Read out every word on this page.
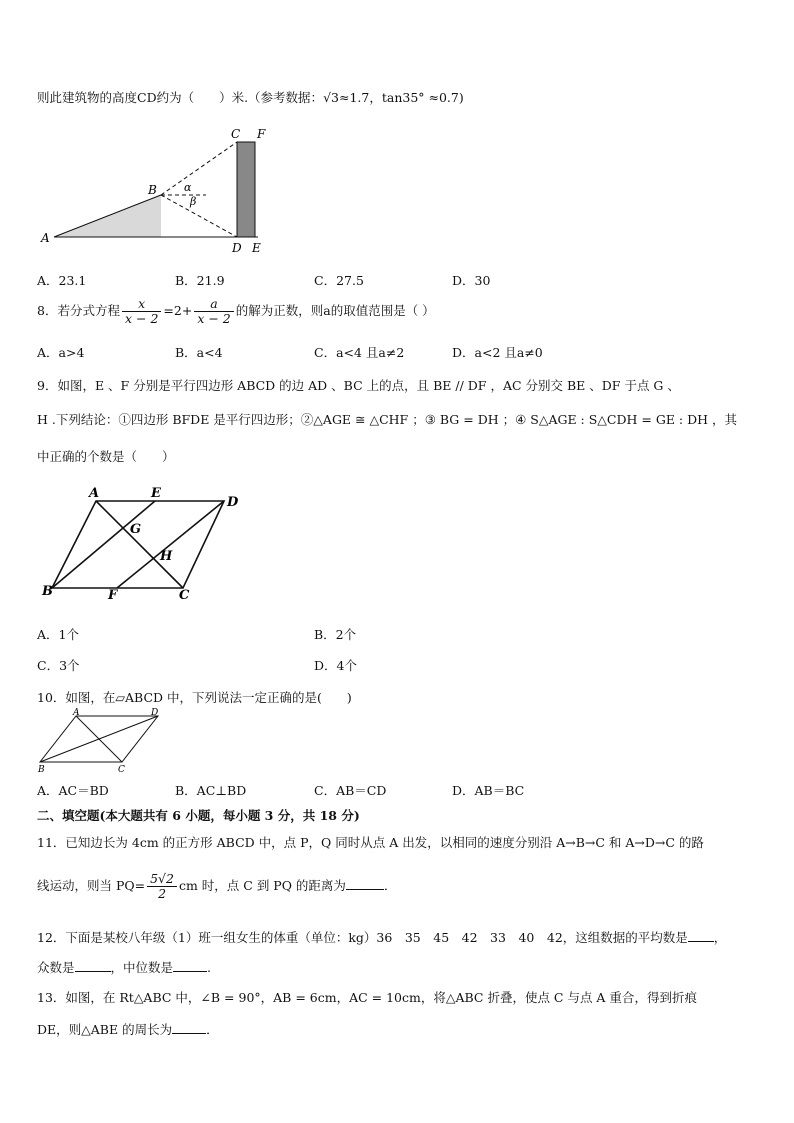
则此建筑物的高度CD约为（　　）米.（参考数据：√3≈1.7，tan35° ≈0.7)
A
B
C F
D E
α
β
A．23.1	B．21.9	C．27.5	D．30
8．若分式方程 $\frac{x}{x - 2} =2+ \frac{a}{x - 2}$ 的解为正数，则a的取值范围是（ ）
A．a>4	B．a<4	C．a<4 且a≠2	D．a<2 且a≠0
9．如图，E 、F 分别是平行四边形 ABCD 的边 AD 、BC 上的点，且 BE // DF ，AC 分别交 BE 、DF 于点 G 、
H .下列结论：①四边形 BFDE 是平行四边形；②△AGE ≅ △CHF ；③ BG = DH ；④ S△AGE : S△CDH = GE : DH ，其
中正确的个数是（　　）
A	E
D
G
H
B	F	C
A．1个	B．2个
C．3个	D．4个
10．如图，在▱ABCD 中，下列说法一定正确的是(　　)
A	D
B	C
A．AC＝BD	B．AC⊥BD	C．AB＝CD	D．AB＝BC
二、填空题(本大题共有 6 小题，每小题 3 分，共 18 分)
11．已知边长为 4cm 的正方形 ABCD 中，点 P，Q 同时从点 A 出发，以相同的速度分别沿 A→B→C 和 A→D→C 的路
线运动，则当 $PQ= \frac{5√2}{2}$ cm 时，点 C 到 PQ 的距离为	．
12．下面是某校八年级（1）班一组女生的体重（单位：kg）36　35　45　42　33　40　42，这组数据的平均数是 ，
众数是	，中位数是	.
13．如图，在 Rt△ABC 中，∠B = 90°，AB = 6cm，AC = 10cm，将△ABC 折叠，使点 C 与点 A 重合，得到折痕
DE，则△ABE 的周长为	．
